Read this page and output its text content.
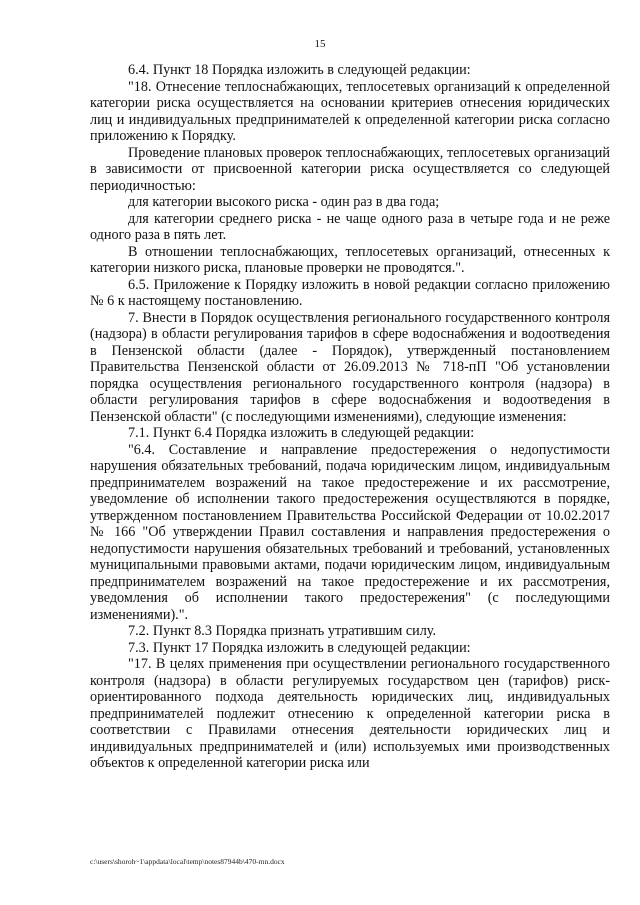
15

6.4. Пункт 18 Порядка изложить в следующей редакции:

"18. Отнесение теплоснабжающих, теплосетевых организаций к определенной категории риска осуществляется на основании критериев отнесения юридических лиц и индивидуальных предпринимателей к определенной категории риска согласно приложению к Порядку.

Проведение плановых проверок теплоснабжающих, теплосетевых организаций в зависимости от присвоенной категории риска осуществляется со следующей периодичностью:

для категории высокого риска - один раз в два года;

для категории среднего риска - не чаще одного раза в четыре года и не реже одного раза в пять лет.

В отношении теплоснабжающих, теплосетевых организаций, отнесенных к категории низкого риска, плановые проверки не проводятся.".

6.5. Приложение к Порядку изложить в новой редакции согласно приложению № 6 к настоящему постановлению.

7. Внести в Порядок осуществления регионального государственного контроля (надзора) в области регулирования тарифов в сфере водоснабжения и водоотведения в Пензенской области (далее - Порядок), утвержденный постановлением Правительства Пензенской области от 26.09.2013 № 718-пП "Об установлении порядка осуществления регионального государственного контроля (надзора) в области регулирования тарифов в сфере водоснабжения и водоотведения в Пензенской области" (с последующими изменениями), следующие изменения:

7.1. Пункт 6.4 Порядка изложить в следующей редакции:

"6.4. Составление и направление предостережения о недопустимости нарушения обязательных требований, подача юридическим лицом, индивидуальным предпринимателем возражений на такое предостережение и их рассмотрение, уведомление об исполнении такого предостережения осуществляются в порядке, утвержденном постановлением Правительства Российской Федерации от 10.02.2017 № 166 "Об утверждении Правил составления и направления предостережения о недопустимости нарушения обязательных требований и требований, установленных муниципальными правовыми актами, подачи юридическим лицом, индивидуальным предпринимателем возражений на такое предостережение и их рассмотрения, уведомления об исполнении такого предостережения" (с последующими изменениями).".

7.2. Пункт 8.3 Порядка признать утратившим силу.

7.3. Пункт 17 Порядка изложить в следующей редакции:

"17. В целях применения при осуществлении регионального государственного контроля (надзора) в области регулируемых государством цен (тарифов) риск-ориентированного подхода деятельность юридических лиц, индивидуальных предпринимателей подлежит отнесению к определенной категории риска в соответствии с Правилами отнесения деятельности юридических лиц и индивидуальных предпринимателей и (или) используемых ими производственных объектов к определенной категории риска или

c:\users\shoroh~1\appdata\local\temp\notes87944b\470-mn.docx
